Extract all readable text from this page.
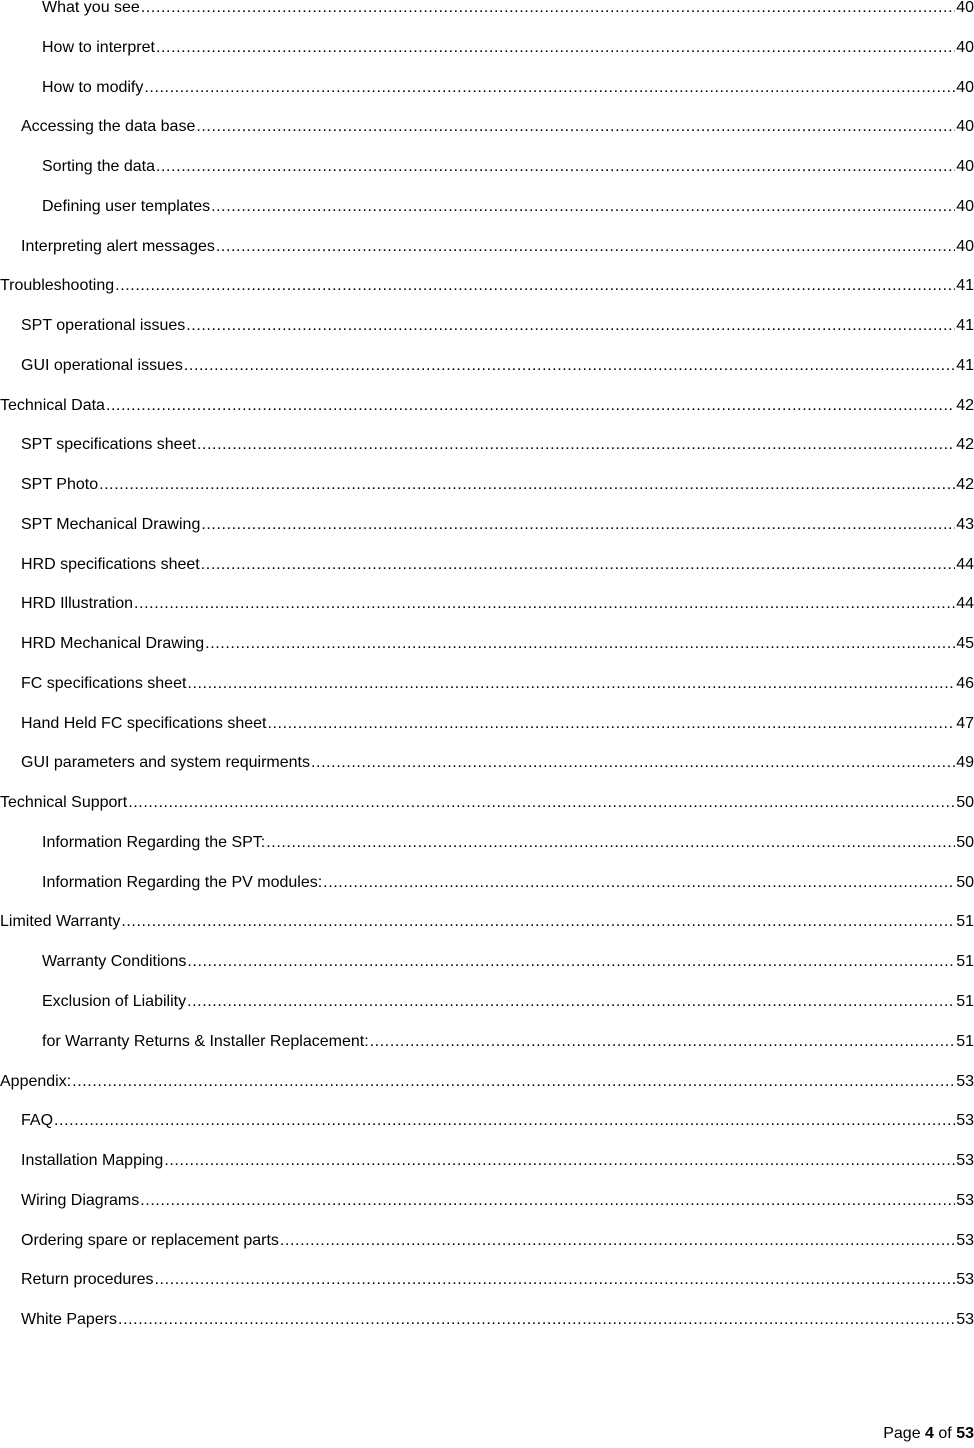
What you see .....	40
How to interpret .....	40
How to modify .....	40
Accessing the data base .....	40
Sorting the data .....	40
Defining user templates .....	40
Interpreting alert messages .....	40
Troubleshooting .....	41
SPT operational issues .....	41
GUI operational issues .....	41
Technical Data .....	42
SPT specifications sheet .....	42
SPT Photo .....	42
SPT Mechanical Drawing .....	43
HRD specifications sheet .....	44
HRD Illustration .....	44
HRD Mechanical Drawing .....	45
FC specifications sheet .....	46
Hand Held FC specifications sheet .....	47
GUI parameters and system requirments .....	49
Technical Support .....	50
Information Regarding the SPT: .....	50
Information Regarding the PV modules: .....	50
Limited Warranty .....	51
Warranty Conditions .....	51
Exclusion of Liability .....	51
for Warranty Returns & Installer Replacement: .....	51
Appendix: .....	53
FAQ .....	53
Installation Mapping .....	53
Wiring Diagrams .....	53
Ordering spare or replacement parts .....	53
Return procedures .....	53
White Papers .....	53
Page 4 of 53
